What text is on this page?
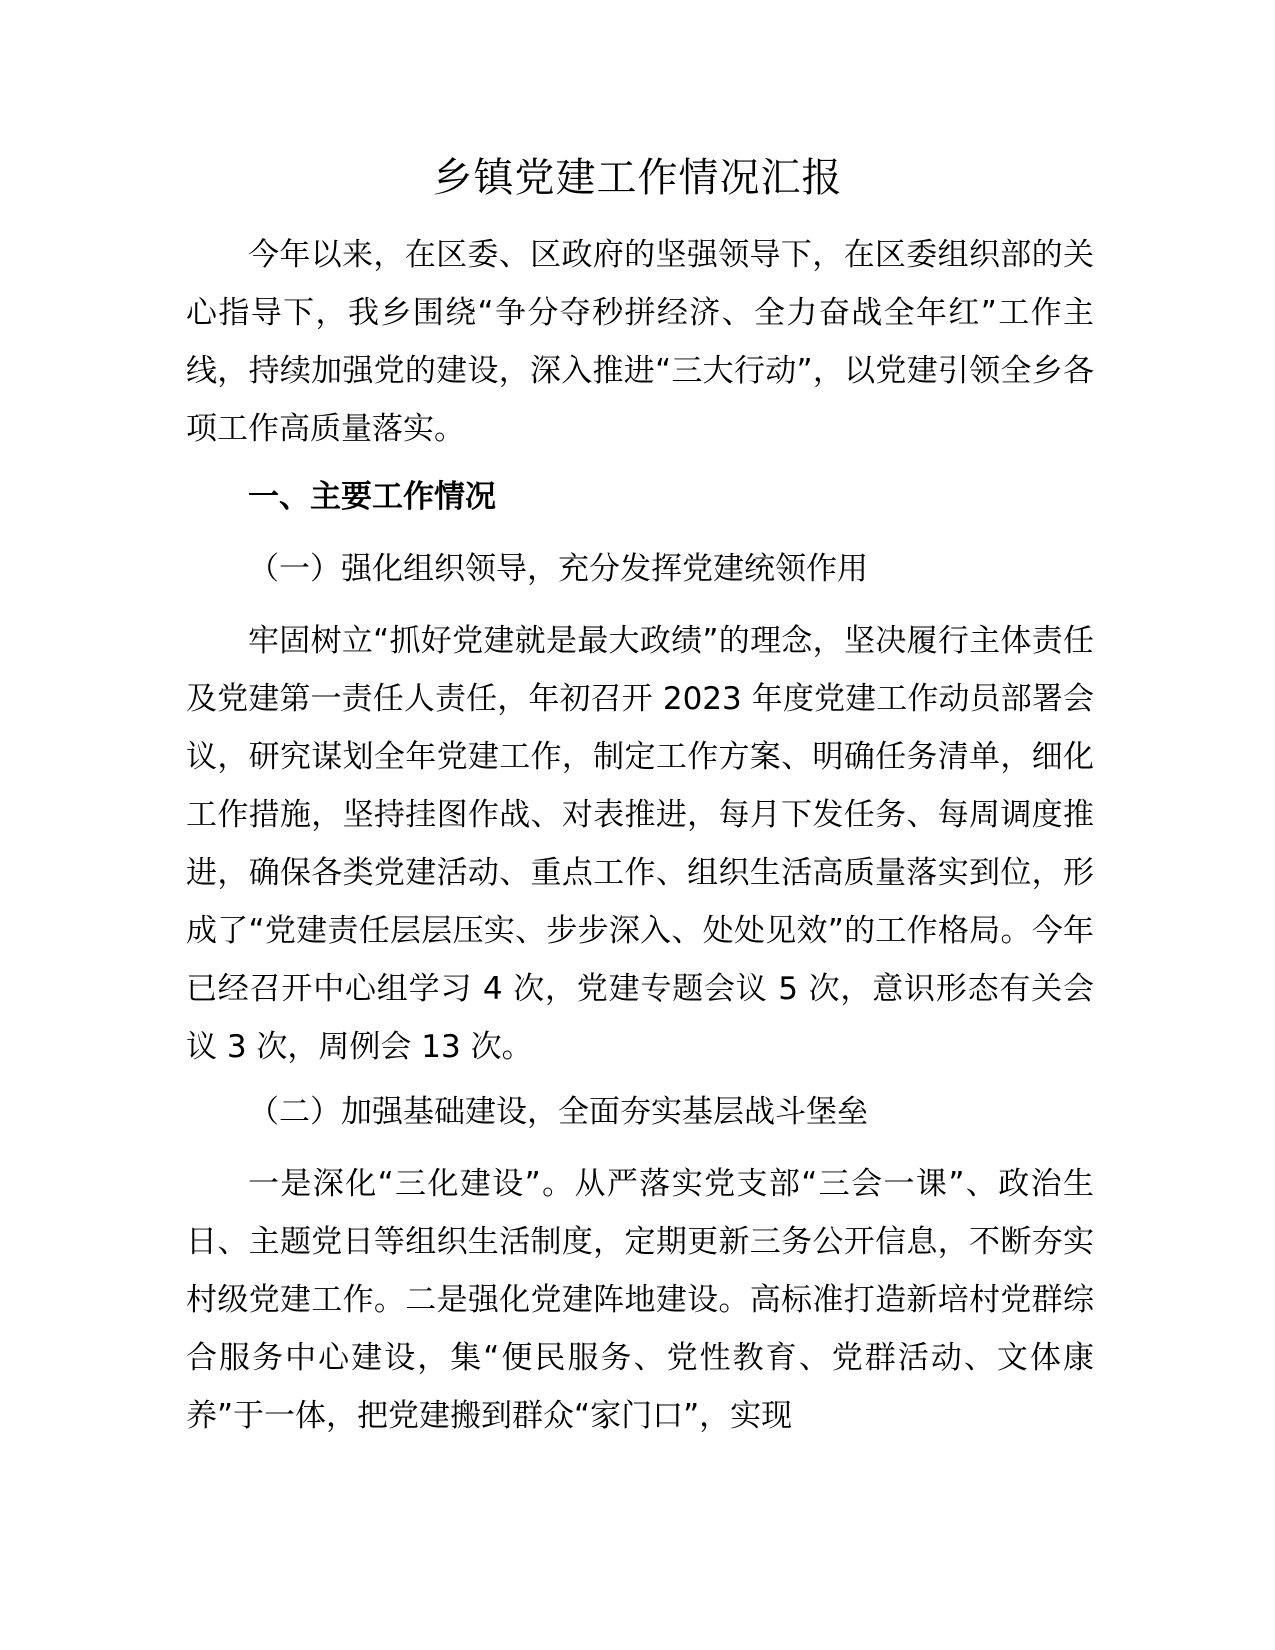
乡镇党建工作情况汇报

今年以来，在区委、区政府的坚强领导下，在区委组织部的关心指导下，我乡围绕“争分夺秒拼经济、全力奋战全年红”工作主线，持续加强党的建设，深入推进“三大行动”，以党建引领全乡各项工作高质量落实。

一、主要工作情况

（一）强化组织领导，充分发挥党建统领作用

牢固树立“抓好党建就是最大政绩”的理念，坚决履行主体责任及党建第一责任人责任，年初召开 2023 年度党建工作动员部署会议，研究谋划全年党建工作，制定工作方案、明确任务清单，细化工作措施，坚持挂图作战、对表推进，每月下发任务、每周调度推进，确保各类党建活动、重点工作、组织生活高质量落实到位，形成了“党建责任层层压实、步步深入、处处见效”的工作格局。今年已经召开中心组学习 4 次，党建专题会议 5 次，意识形态有关会议 3 次，周例会 13 次。

（二）加强基础建设，全面夯实基层战斗堡垒

一是深化“三化建设”。从严落实党支部“三会一课”、政治生日、主题党日等组织生活制度，定期更新三务公开信息，不断夯实村级党建工作。二是强化党建阵地建设。高标准打造新培村党群综合服务中心建设，集“便民服务、党性教育、党群活动、文体康养”于一体，把党建搬到群众“家门口”，实现
